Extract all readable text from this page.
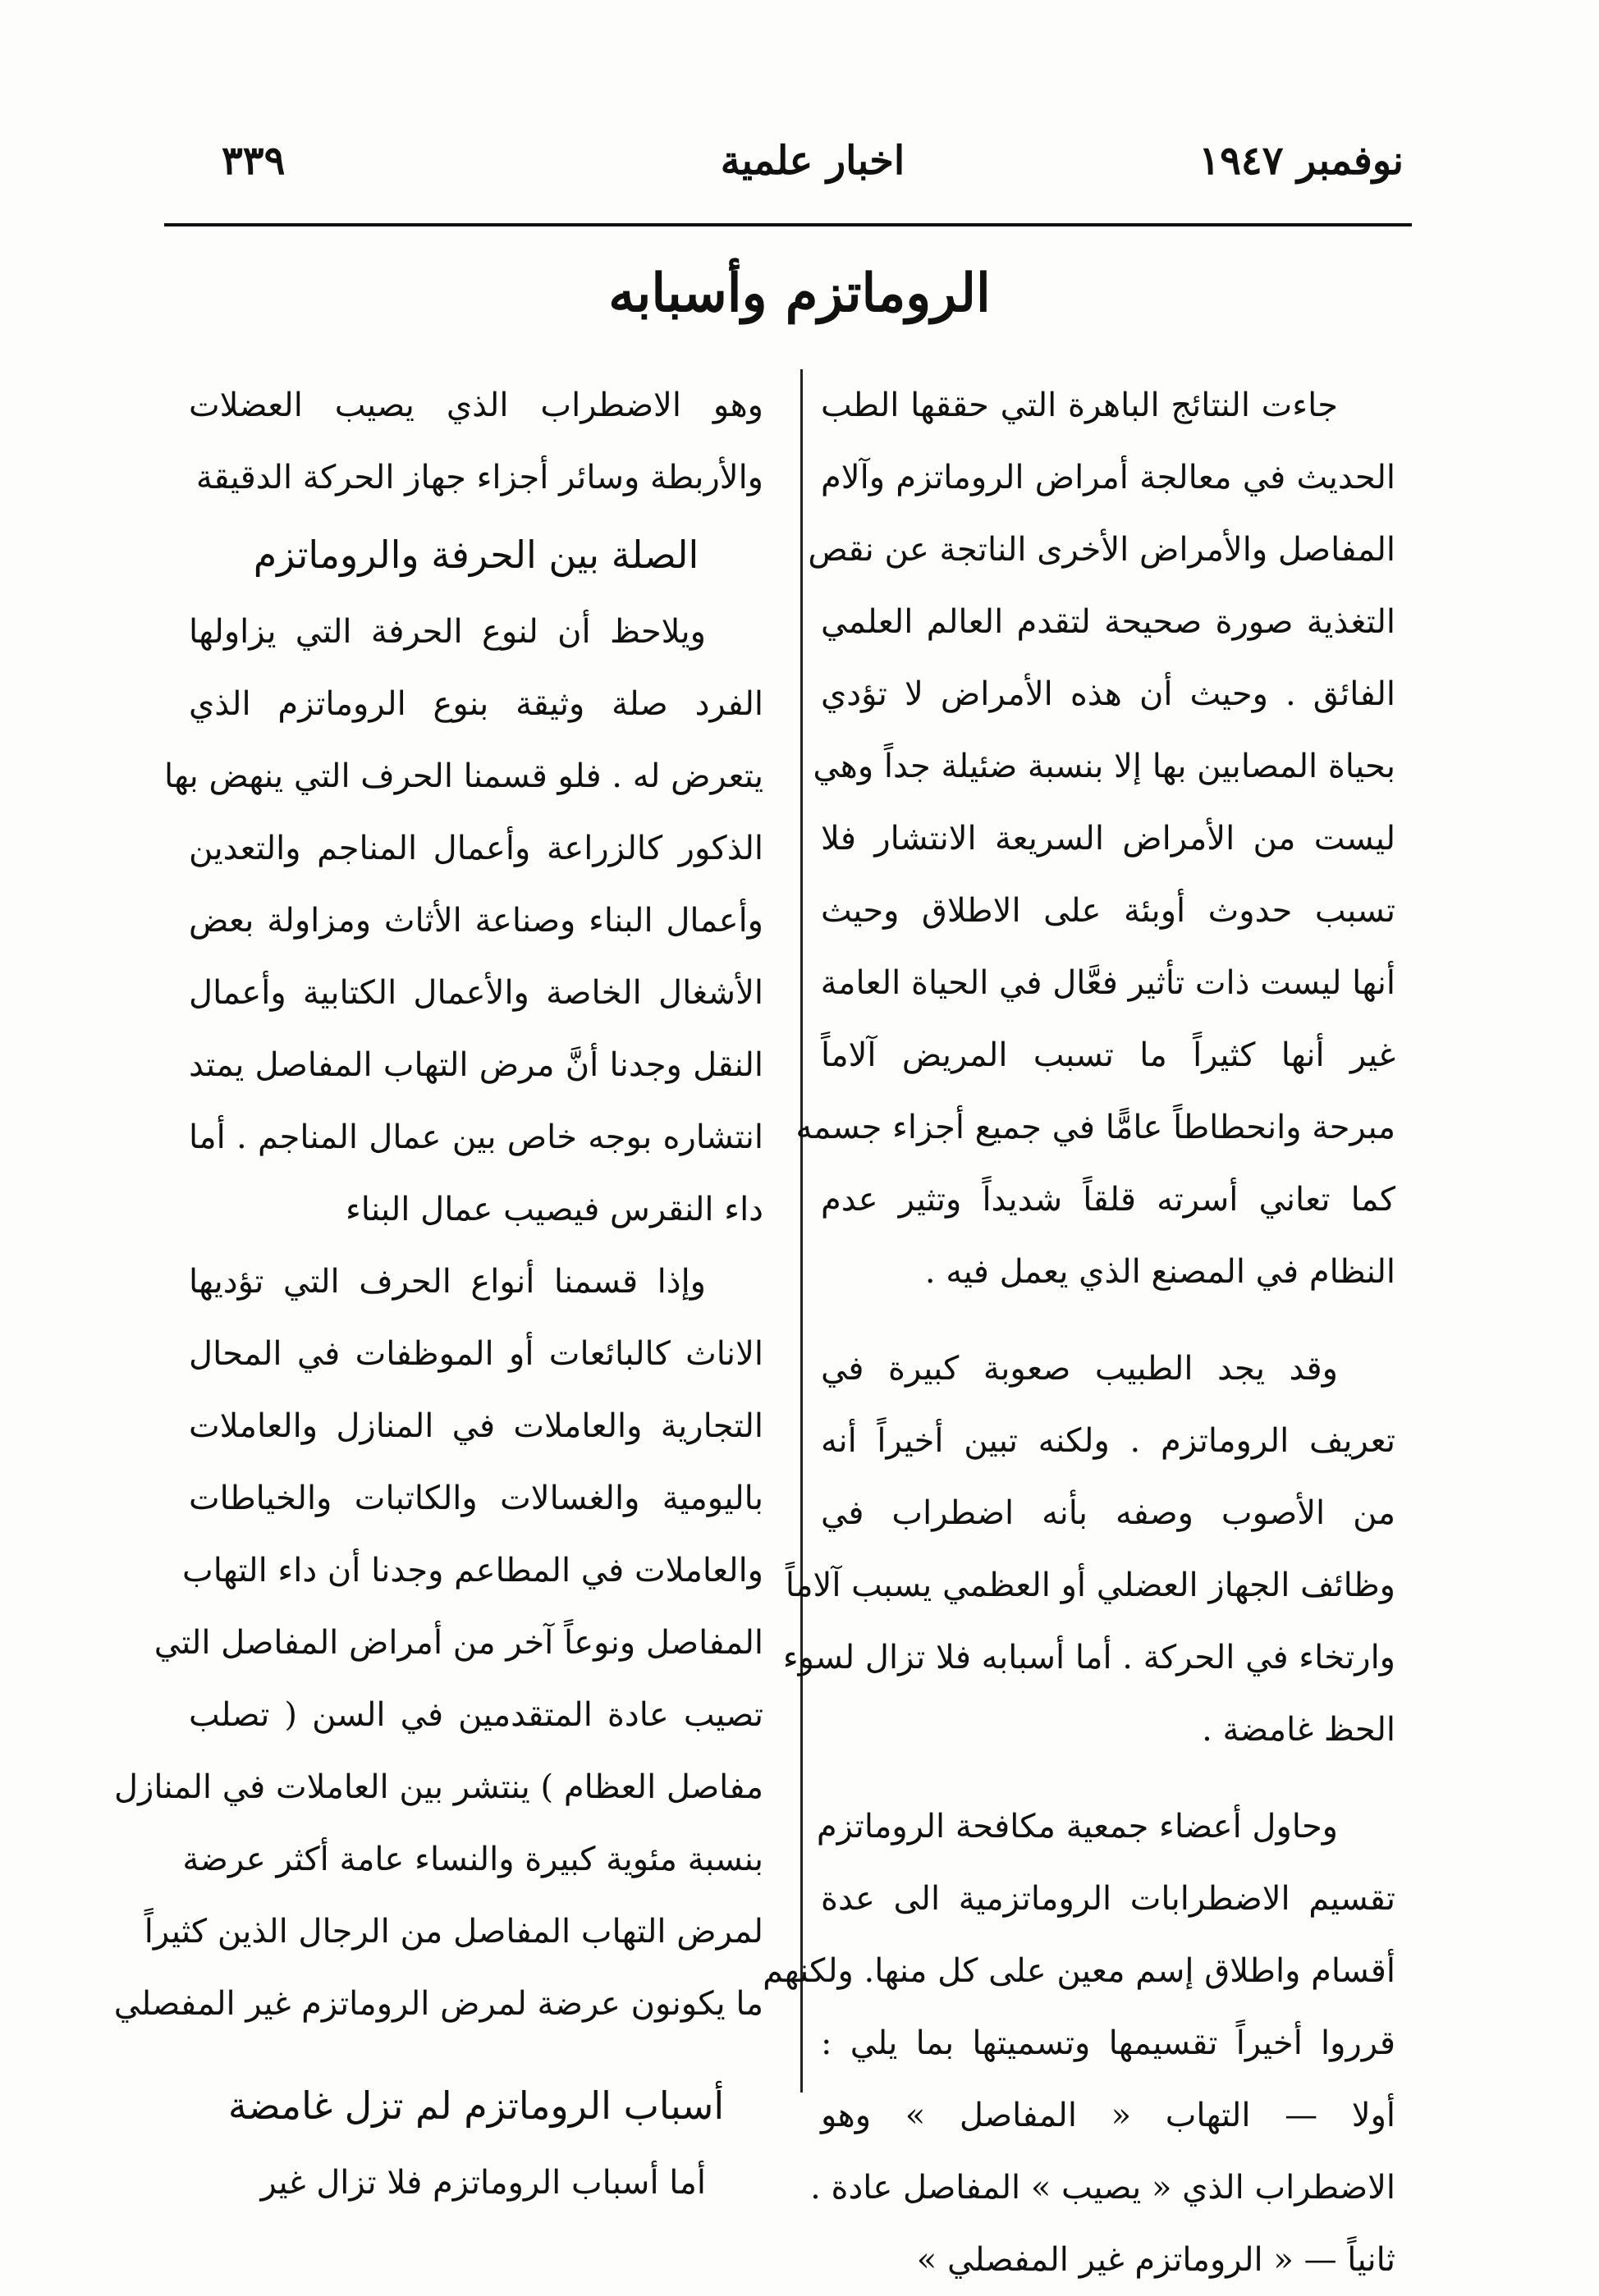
٣٣٩	اخبار علمية	نوفمبر ١٩٤٧
الروماتزم وأسبابه
جاءت النتائج الباهرة التي حققها الطب
الحديث في معالجة أمراض الروماتزم وآلام
المفاصل والأمراض الأخرى الناتجة عن نقص
التغذية صورة صحيحة لتقدم العالم العلمي
الفائق . وحيث أن هذه الأمراض لا تؤدي
بحياة المصابين بها إلا بنسبة ضئيلة جداً وهي
ليست من الأمراض السريعة الانتشار فلا
تسبب حدوث أوبئة على الاطلاق وحيث
أنها ليست ذات تأثير فعَّال في الحياة العامة
غير أنها كثيراً ما تسبب المريض آلاماً
مبرحة وانحطاطاً عامًّا في جميع أجزاء جسمه
كما تعاني أسرته قلقاً شديداً وتثير عدم
النظام في المصنع الذي يعمل فيه .
وقد يجد الطبيب صعوبة كبيرة في
تعريف الروماتزم . ولكنه تبين أخيراً أنه
من الأصوب وصفه بأنه اضطراب في
وظائف الجهاز العضلي أو العظمي يسبب آلاماً
وارتخاء في الحركة . أما أسبابه فلا تزال لسوء
الحظ غامضة .
وحاول أعضاء جمعية مكافحة الروماتزم
تقسيم الاضطرابات الروماتزمية الى عدة
أقسام واطلاق إسم معين على كل منها. ولكنهم
قرروا أخيراً تقسيمها وتسميتها بما يلي :
أولا — التهاب « المفاصل » وهو
الاضطراب الذي « يصيب » المفاصل عادة .
ثانياً — « الروماتزم غير المفصلي »
وهو الاضطراب الذي يصيب العضلات
والأربطة وسائر أجزاء جهاز الحركة الدقيقة
الصلة بين الحرفة والروماتزم
ويلاحظ أن لنوع الحرفة التي يزاولها
الفرد صلة وثيقة بنوع الروماتزم الذي
يتعرض له . فلو قسمنا الحرف التي ينهض بها
الذكور كالزراعة وأعمال المناجم والتعدين
وأعمال البناء وصناعة الأثاث ومزاولة بعض
الأشغال الخاصة والأعمال الكتابية وأعمال
النقل وجدنا أنَّ مرض التهاب المفاصل يمتد
انتشاره بوجه خاص بين عمال المناجم . أما
داء النقرس فيصيب عمال البناء
وإذا قسمنا أنواع الحرف التي تؤديها
الاناث كالبائعات أو الموظفات في المحال
التجارية والعاملات في المنازل والعاملات
باليومية والغسالات والكاتبات والخياطات
والعاملات في المطاعم وجدنا أن داء التهاب
المفاصل ونوعاً آخر من أمراض المفاصل التي
تصيب عادة المتقدمين في السن ( تصلب
مفاصل العظام ) ينتشر بين العاملات في المنازل
بنسبة مئوية كبيرة والنساء عامة أكثر عرضة
لمرض التهاب المفاصل من الرجال الذين كثيراً
ما يكونون عرضة لمرض الروماتزم غير المفصلي
أسباب الروماتزم لم تزل غامضة
أما أسباب الروماتزم فلا تزال غير
